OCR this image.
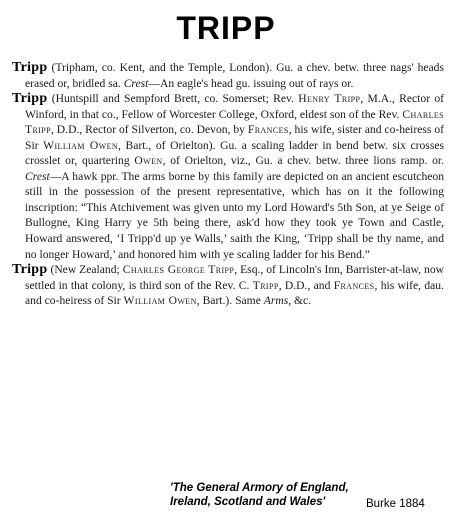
TRIPP

Tripp (Tripham, co. Kent, and the Temple, London). Gu. a chev. betw. three nags' heads erased or, bridled sa. Crest—An eagle's head gu. issuing out of rays or.

Tripp (Huntspill and Sempford Brett, co. Somerset; Rev. Henry Tripp, M.A., Rector of Winford, in that co., Fellow of Worcester College, Oxford, eldest son of the Rev. Charles Tripp, D.D., Rector of Silverton, co. Devon, by Frances, his wife, sister and co-heiress of Sir William Owen, Bart., of Orielton). Gu. a scaling ladder in bend betw. six crosses crosslet or, quartering Owen, of Orielton, viz., Gu. a chev. betw. three lions ramp. or. Crest—A hawk ppr. The arms borne by this family are depicted on an ancient escutcheon still in the possession of the present representative, which has on it the following inscription: “This Atchivement was given unto my Lord Howard's 5th Son, at ye Seige of Bullogne, King Harry ye 5th being there, ask'd how they took ye Town and Castle, Howard answered, ‘I Tripp'd up ye Walls,’ saith the King, ‘Tripp shall be thy name, and no longer Howard,’ and honored him with ye scaling ladder for his Bend.”

Tripp (New Zealand; Charles George Tripp, Esq., of Lincoln's Inn, Barrister-at-law, now settled in that colony, is third son of the Rev. C. Tripp, D.D., and Frances, his wife, dau. and co-heiress of Sir William Owen, Bart.). Same Arms, &c.

'The General Armory of England,
Ireland, Scotland and Wales'	Burke 1884
